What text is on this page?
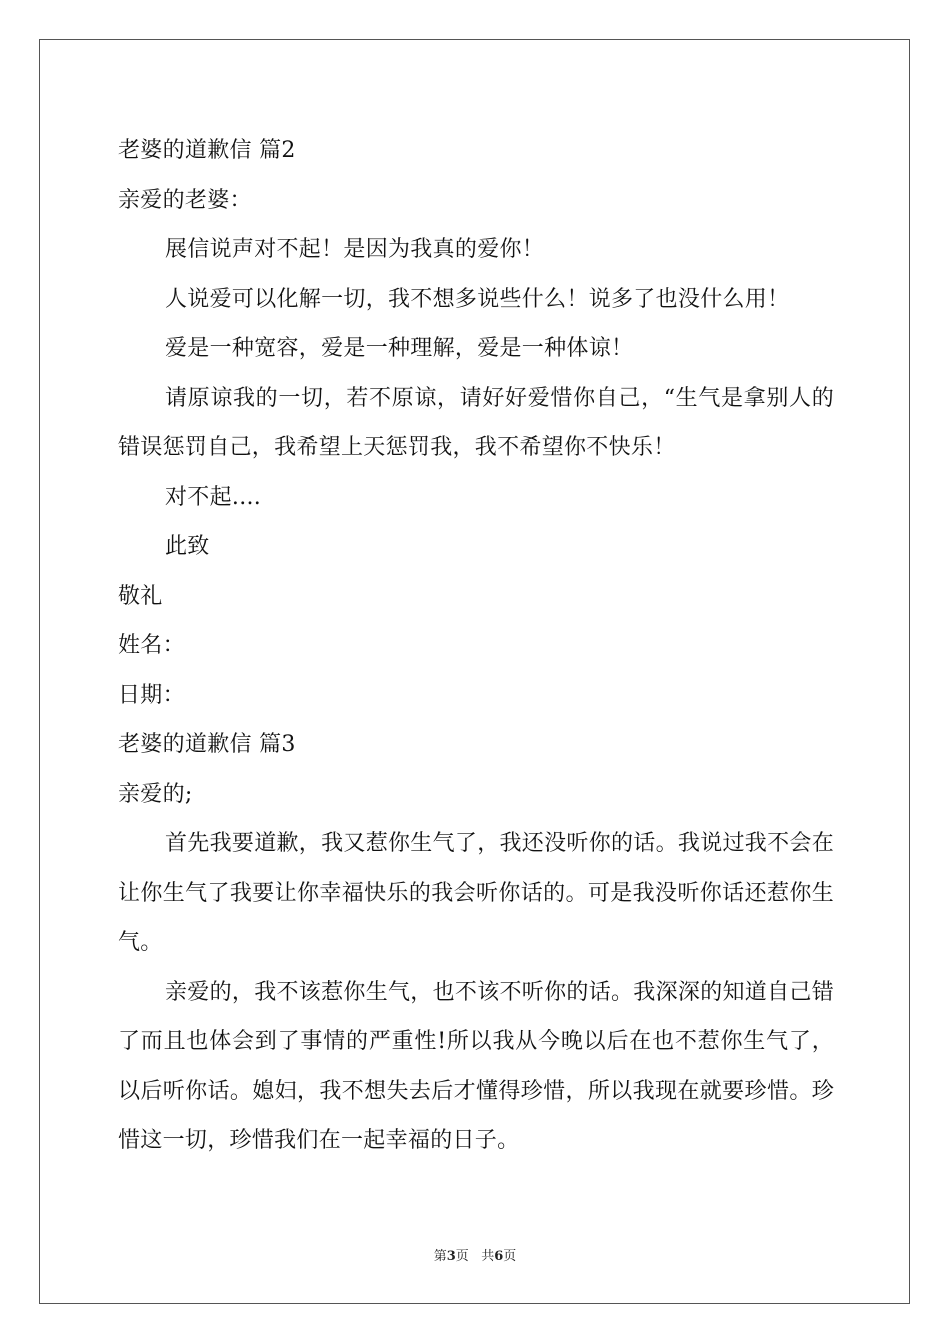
老婆的道歉信 篇2
亲爱的老婆：
展信说声对不起！是因为我真的爱你！
人说爱可以化解一切，我不想多说些什么！说多了也没什么用！
爱是一种宽容，爱是一种理解，爱是一种体谅！
请原谅我的一切，若不原谅，请好好爱惜你自己，“生气是拿别人的错误惩罚自己，我希望上天惩罚我，我不希望你不快乐！
对不起....
此致
敬礼
姓名：
日期：
老婆的道歉信 篇3
亲爱的;
首先我要道歉，我又惹你生气了，我还没听你的话。我说过我不会在让你生气了我要让你幸福快乐的我会听你话的。可是我没听你话还惹你生气。
亲爱的，我不该惹你生气，也不该不听你的话。我深深的知道自己错了而且也体会到了事情的严重性!所以我从今晚以后在也不惹你生气了，以后听你话。媳妇，我不想失去后才懂得珍惜，所以我现在就要珍惜。珍惜这一切，珍惜我们在一起幸福的日子。
第3页 共6页
